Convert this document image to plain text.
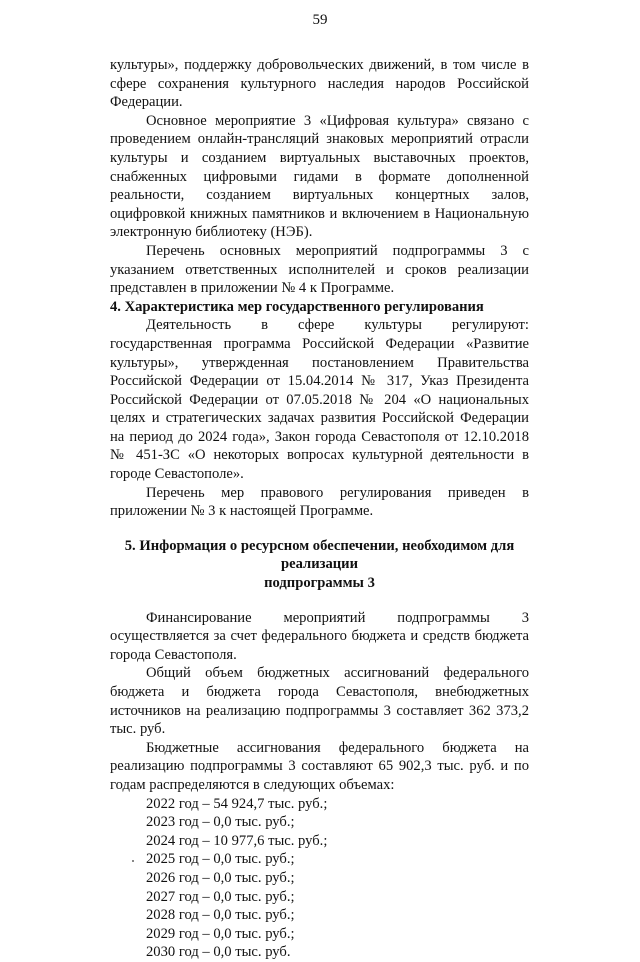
59

культуры», поддержку добровольческих движений, в том числе в сфере сохранения культурного наследия народов Российской Федерации.

Основное мероприятие 3 «Цифровая культура» связано с проведением онлайн-трансляций знаковых мероприятий отрасли культуры и созданием виртуальных выставочных проектов, снабженных цифровыми гидами в формате дополненной реальности, созданием виртуальных концертных залов, оцифровкой книжных памятников и включением в Национальную электронную библиотеку (НЭБ).

Перечень основных мероприятий подпрограммы 3 с указанием ответственных исполнителей и сроков реализации представлен в приложении № 4 к Программе.

4. Характеристика мер государственного регулирования

Деятельность в сфере культуры регулируют: государственная программа Российской Федерации «Развитие культуры», утвержденная постановлением Правительства Российской Федерации от 15.04.2014 № 317, Указ Президента Российской Федерации от 07.05.2018 № 204 «О национальных целях и стратегических задачах развития Российской Федерации на период до 2024 года», Закон города Севастополя от 12.10.2018 № 451-ЗС «О некоторых вопросах культурной деятельности в городе Севастополе».

Перечень мер правового регулирования приведен в приложении № 3 к настоящей Программе.

5. Информация о ресурсном обеспечении, необходимом для реализации
подпрограммы 3

Финансирование мероприятий подпрограммы 3 осуществляется за счет федерального бюджета и средств бюджета города Севастополя.

Общий объем бюджетных ассигнований федерального бюджета и бюджета города Севастополя, внебюджетных источников на реализацию подпрограммы 3 составляет 362 373,2 тыс. руб.

Бюджетные ассигнования федерального бюджета на реализацию подпрограммы 3 составляют 65 902,3 тыс. руб. и по годам распределяются в следующих объемах:

2022 год – 54 924,7 тыс. руб.;
2023 год – 0,0 тыс. руб.;
2024 год – 10 977,6 тыс. руб.;
2025 год – 0,0 тыс. руб.;
2026 год – 0,0 тыс. руб.;
2027 год – 0,0 тыс. руб.;
2028 год – 0,0 тыс. руб.;
2029 год – 0,0 тыс. руб.;
2030 год – 0,0 тыс. руб.
